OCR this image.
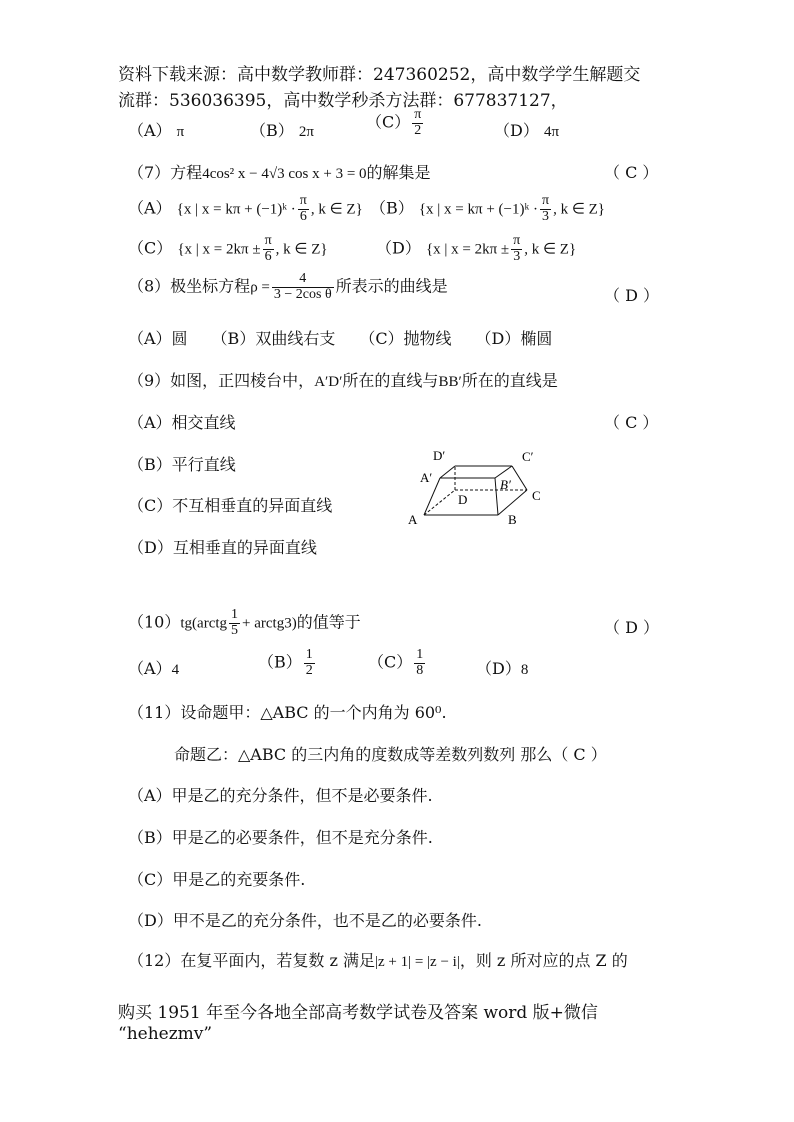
资料下载来源：高中数学教师群：247360252，高中数学学生解题交
流群：536036395，高中数学秒杀方法群：677837127，
（A） π	（B） 2π
$(C) \frac{\pi}{2}$	（D） 4π
（7）方程4cos² x − 4√3 cos x + 3 = 0的解集是	（ C ）
（A） {x | x = kπ + (−1)ᵏ · $\frac{\pi}{6}$ , k ∈ Z} （B） {x | x = kπ + (−1)ᵏ · $\frac{\pi}{3}$ , k ∈ Z}
（C） {x | $x = 2k\pi \pm \frac{\pi}{6}$ , k ∈ Z}	（D） {x | $x = 2k\pi \pm \frac{\pi}{3}$ , k ∈ Z}
（8）极坐标方程$\rho = \frac{4}{\text{3 − 2cos θ}}$ 所表示的曲线是	（ D ）
（A）圆　　（B）双曲线右支　　（C）抛物线　　（D）椭圆
（9）如图，正四棱台中，A′D′所在的直线与BB′所在的直线是
（A）相交直线	（ C ）
（B）平行直线
（C）不互相垂直的异面直线
（D）互相垂直的异面直线
D′	C′
A′	B′
D	C
A	B
（10）tg(arctg $\frac{1}{5}$ + arctg3)的值等于	（ D ）
（A）4	$(B) \frac{1}{2}$	$(C) \frac{1}{8}$	（D）8
（11）设命题甲：△ABC 的一个内角为 60⁰.
命题乙：△ABC 的三内角的度数成等差数列数列 那么（ C ）
（A）甲是乙的充分条件，但不是必要条件.
（B）甲是乙的必要条件，但不是充分条件.
（C）甲是乙的充要条件.
（D）甲不是乙的充分条件，也不是乙的必要条件.
（12）在复平面内，若复数 z 满足|z + 1| = |z − i|，则 z 所对应的点 Z 的
购买 1951 年至今各地全部高考数学试卷及答案 word 版+微信
“hehezmv”
